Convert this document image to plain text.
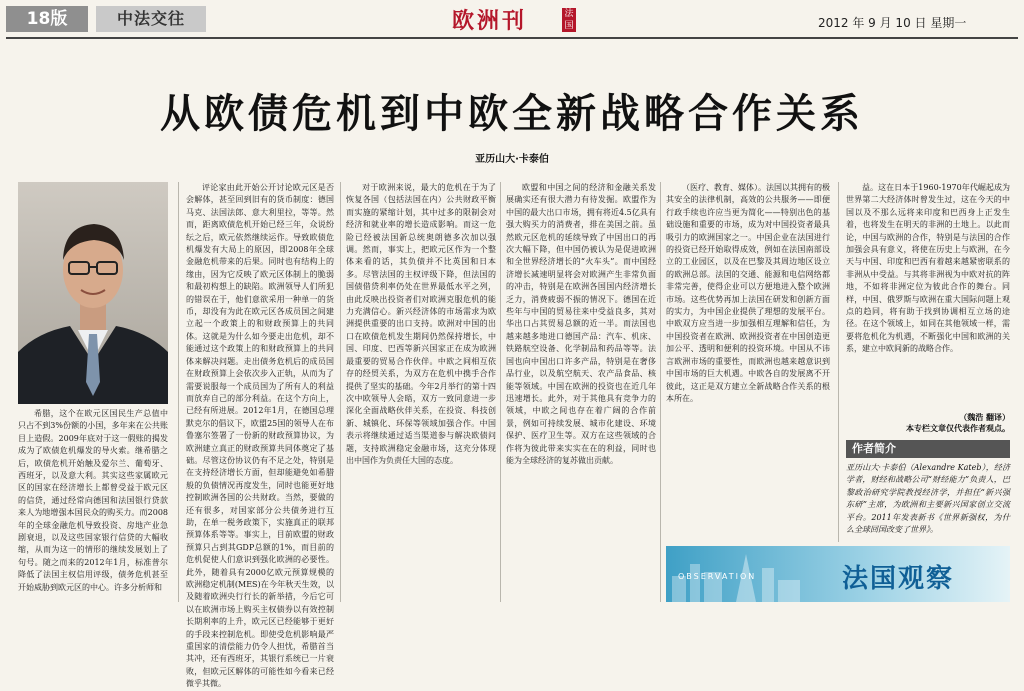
18版	中法交往	欧洲刊	法国	2012 年 9 月 10 日 星期一
从欧债危机到中欧全新战略合作关系
亚历山大·卡泰伯

希腊，这个在欧元区国民生产总值中只占不到3%份额的小国，多年来在公共账目上造假。2009年底对于这一假账的揭发成为了欧债危机爆发的导火索。继希腊之后，欧债危机开始触及爱尔兰、葡萄牙、西班牙，以及意大利。其实这些家属欧元区的国家在经济增长上都曾受益于欧元区的信贷，通过经常向德国和法国银行贷款来人为地增强本国民众的购买力。而2008年的全球金融危机导致投资、房地产业急剧衰退，以及这些国家银行信贷的大幅收缩，从而为这一的情形的继续发展划上了句号。随之而来的2012年1月，标准普尔降低了法国主权信用评级，债务危机甚至开始威胁到欧元区的中心。许多分析师和

评论家由此开始公开讨论欧元区是否会解体，甚至回到旧有的货币制度：德国马克、法国法郎、意大利里拉，等等。然而，距离欧债危机开始已经三年，众说纷纭之后，欧元依然继续运作。导致欧债危机爆发有大局上的原因，即2008年全球金融危机带来的后果。同时也有结构上的缘由，因为它反映了欧元区体制上的脆弱和最初构想上的缺陷。欧洲领导人们所犯的错误在于，他们意欲采用一种单一的货币，却没有为此在欧元区各成员国之间建立起一个政策上的和财政预算上的共同体。这就是为什么如今要走出危机，却不能通过这个政策上的和财政预算上的共同体来解决问题。走出债务危机后的成员国在财政预算上会依次步入正轨，从而为了需要说服每一个成员国为了所有人的利益而放弃自己的部分利益。在这个方向上，已经有所进展。2012年1月，在德国总理默克尔的倡议下，欧盟25国的领导人在布鲁塞尔签署了一份新的财政预算协议，为欧洲建立真正的财政预算共同体奠定了基础。尽管这份协议仍有不足之处，特别是在支持经济增长方面，但却能避免如希腊般的负债情况再度发生，同时也能更好地控制欧洲各国的公共财政。当然，要做的还有很多，对国家部分公共债务进行互助，在单一税务政策下，实施真正的联邦预算体系等等。事实上，目前欧盟的财政预算只占到其GDP总额的1%，而目前的危机促使人们意识到强化欧洲的必要性。此外，随着具有2000亿欧元预算规模的欧洲稳定机制(MES)在今年秋天生效，以及随着欧洲央行行长的新举措，今后它可以在欧洲市场上购买主权债券以有效控制长期利率的上升，欧元区已经能够于更好的手段来控制危机。即使受危机影响最严重国家的清偿能力仍令人担忧，希腊首当其冲，还有西班牙，其银行系统已一片衰败，但欧元区解体的可能性如今看来已经微乎其微。

对于欧洲来说，最大的危机在于为了恢复各国（包括法国在内）公共财政平衡而实施的紧缩计划，其中过多的限制会对经济和就业率的增长造成影响。而这一危险已经被法国新总统奥朗德多次加以强调。然而，事实上，把欧元区作为一个整体来看的话，其负债并不比英国和日本多。尽管法国的主权评级下降，但法国的国债借贷利率仍处在世界最低水平之列，由此反映出投资者们对欧洲克服危机的能力充满信心。新兴经济体的市场需求为欧洲提供重要的出口支持。欧洲对中国的出口在欧债危机发生期间仍然保持增长，中国、印度、巴西等新兴国家正在成为欧洲最重要的贸易合作伙伴。中欧之间相互依存的经贸关系，为双方在危机中携手合作提供了坚实的基础。今年2月举行的第十四次中欧领导人会晤，双方一致同意进一步深化全面战略伙伴关系，在投资、科技创新、城镇化、环保等领域加强合作。中国表示将继续通过适当渠道参与解决欧债问题，支持欧洲稳定金融市场，这充分体现出中国作为负责任大国的态度。

欧盟和中国之间的经济和金融关系发展确实还有很大潜力有待发掘。欧盟作为中国的最大出口市场，拥有将近4.5亿具有强大购买力的消费者，排在美国之前。虽然欧元区危机的延续导致了中国出口的再次大幅下降，但中国仍被认为是促进欧洲和全世界经济增长的“火车头”。而中国经济增长减速明显将会对欧洲产生非常负面的冲击，特别是在欧洲各国国内经济增长乏力，消费疲弱不振的情况下。德国在近些年与中国的贸易往来中受益良多，其对华出口占其贸易总额的近一半。而法国也越来越多地进口德国产品：汽车、机床、铁路航空设备、化学制品和药品等等。法国也向中国出口许多产品，特别是在奢侈品行业，以及航空航天、农产品食品、核能等领域。中国在欧洲的投资也在近几年迅速增长。此外，对于其他具有竞争力的领域，中欧之间也存在着广阔的合作前景，例如可持续发展、城市化建设、环境保护、医疗卫生等。双方在这些领域的合作将为彼此带来实实在在的利益，同时也能为全球经济的复苏做出贡献。

（医疗、教育、媒体）。法国以其拥有的极其安全的法律机制，高效的公共服务——即便行政手续也许应当更为简化——特别出色的基础设施和重要的市场，成为对中国投资者最具吸引力的欧洲国家之一。中国企业在法国进行的投资已经开始取得成效，例如在法国南部设立的工业园区，以及在巴黎及其周边地区设立的欧洲总部。法国的交通、能源和电信网络都非常完善，使得企业可以方便地进入整个欧洲市场。这些优势再加上法国在研发和创新方面的实力，为中国企业提供了理想的发展平台。中欧双方应当进一步加强相互理解和信任，为中国投资者在欧洲、欧洲投资者在中国创造更加公平、透明和便利的投资环境。中国从不讳言欧洲市场的重要性，而欧洲也越来越意识到中国市场的巨大机遇。中欧各自的发展离不开彼此，这正是双方建立全新战略合作关系的根本所在。

益。这在日本于1960-1970年代崛起成为世界第二大经济体时曾发生过，这在今天的中国以及不那么远将来印度和巴西身上正发生着，也将发生在明天的非洲的土地上。以此而论，中国与欧洲的合作，特别是与法国的合作加强会具有意义，将使在历史上与欧洲，在今天与中国、印度和巴西有着越来越紧密联系的非洲从中受益。与其将非洲视为中欧对抗的阵地，不如将非洲定位为彼此合作的舞台。同样，中国、俄罗斯与欧洲在重大国际问题上观点的趋同，将有助于找到协调相互立场的途径。在这个领域上，如同在其他领域一样，需要将危机化为机遇，不断强化中国和欧洲的关系，建立中欧间新的战略合作。

（魏浩 翻译）
本专栏文章仅代表作者观点。
作者简介
亚历山大·卡泰伯（Alexandre Kateb），经济学者，财经和战略公司“财经能力”负责人，巴黎政治研究学院教授经济学，并担任“新兴强东研”主席，为欧洲和主要新兴国家创立交流平台。2011年发表新书《世界新强权，为什么全球回国改变了世界》。
OBSERVATION	法国观察
